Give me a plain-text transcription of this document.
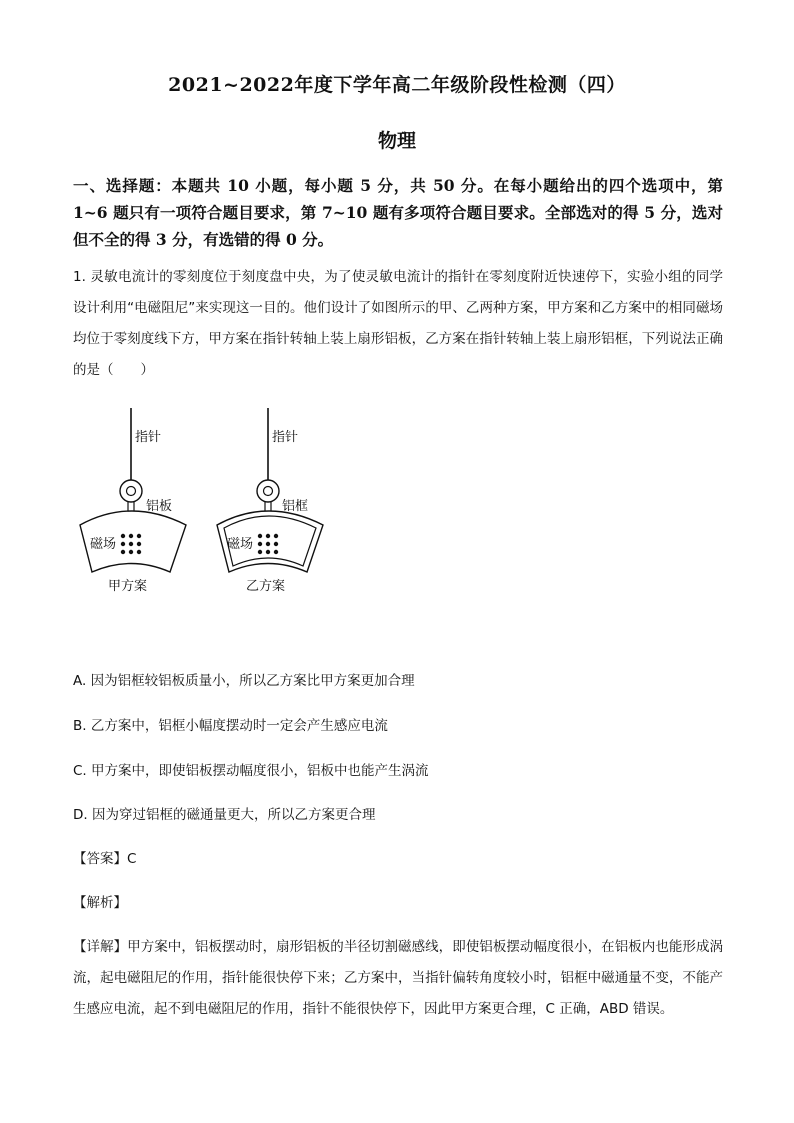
2021~2022年度下学年高二年级阶段性检测（四）
物理
一、选择题：本题共 10 小题，每小题 5 分，共 50 分。在每小题给出的四个选项中，第 1~6 题只有一项符合题目要求，第 7~10 题有多项符合题目要求。全部选对的得 5 分，选对但不全的得 3 分，有选错的得 0 分。
1. 灵敏电流计的零刻度位于刻度盘中央，为了使灵敏电流计的指针在零刻度附近快速停下，实验小组的同学设计利用“电磁阻尼”来实现这一目的。他们设计了如图所示的甲、乙两种方案，甲方案和乙方案中的相同磁场均位于零刻度线下方，甲方案在指针转轴上装上扇形铝板，乙方案在指针转轴上装上扇形铝框，下列说法正确的是（　　）
指针
铝板
磁场
甲方案
指针
铝框
磁场
乙方案
A. 因为铝框较铝板质量小，所以乙方案比甲方案更加合理
B. 乙方案中，铝框小幅度摆动时一定会产生感应电流
C. 甲方案中，即使铝板摆动幅度很小，铝板中也能产生涡流
D. 因为穿过铝框的磁通量更大，所以乙方案更合理
【答案】C
【解析】
【详解】甲方案中，铝板摆动时，扇形铝板的半径切割磁感线，即使铝板摆动幅度很小，在铝板内也能形成涡流，起电磁阻尼的作用，指针能很快停下来；乙方案中，当指针偏转角度较小时，铝框中磁通量不变，不能产生感应电流，起不到电磁阻尼的作用，指针不能很快停下，因此甲方案更合理，C 正确，ABD 错误。
